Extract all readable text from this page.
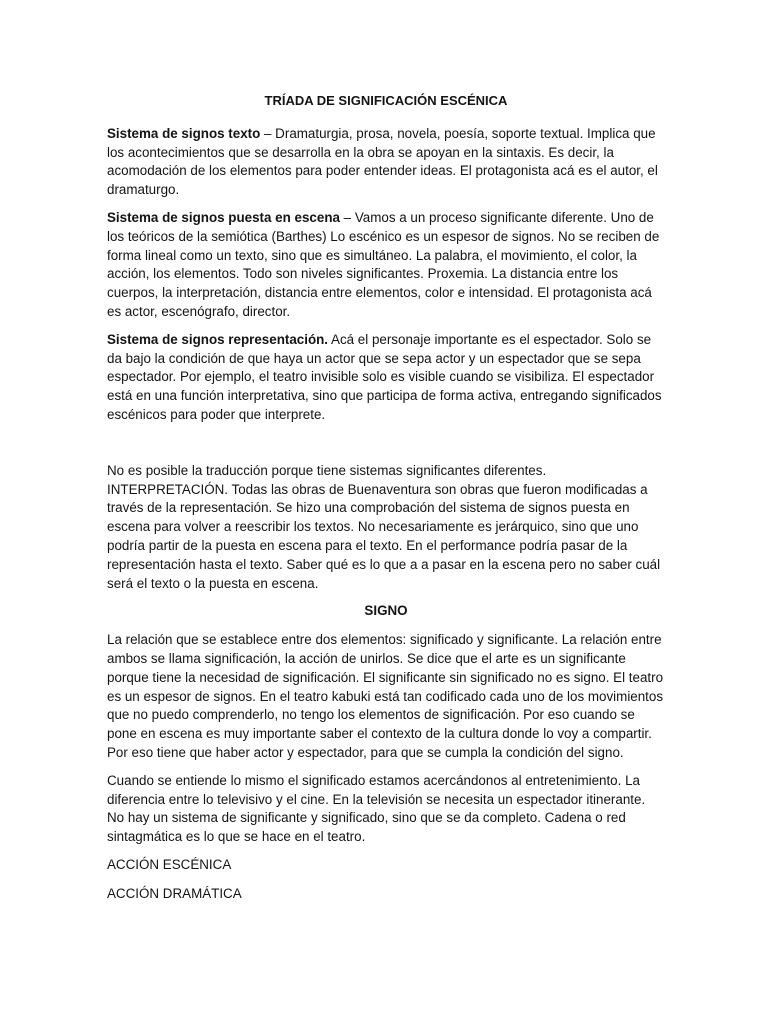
TRÍADA DE SIGNIFICACIÓN ESCÉNICA

Sistema de signos texto – Dramaturgia, prosa, novela, poesía, soporte textual. Implica que los acontecimientos que se desarrolla en la obra se apoyan en la sintaxis. Es decir, la acomodación de los elementos para poder entender ideas. El protagonista acá es el autor, el dramaturgo.

Sistema de signos puesta en escena – Vamos a un proceso significante diferente. Uno de los teóricos de la semiótica (Barthes) Lo escénico es un espesor de signos. No se reciben de forma lineal como un texto, sino que es simultáneo. La palabra, el movimiento, el color, la acción, los elementos. Todo son niveles significantes. Proxemia. La distancia entre los cuerpos, la interpretación, distancia entre elementos, color e intensidad. El protagonista acá es actor, escenógrafo, director.

Sistema de signos representación. Acá el personaje importante es el espectador. Solo se da bajo la condición de que haya un actor que se sepa actor y un espectador que se sepa espectador. Por ejemplo, el teatro invisible solo es visible cuando se visibiliza. El espectador está en una función interpretativa, sino que participa de forma activa, entregando significados escénicos para poder que interprete.

No es posible la traducción porque tiene sistemas significantes diferentes. INTERPRETACIÓN. Todas las obras de Buenaventura son obras que fueron modificadas a través de la representación. Se hizo una comprobación del sistema de signos puesta en escena para volver a reescribir los textos. No necesariamente es jerárquico, sino que uno podría partir de la puesta en escena para el texto. En el performance podría pasar de la representación hasta el texto. Saber qué es lo que a a pasar en la escena pero no saber cuál será el texto o la puesta en escena.

SIGNO

La relación que se establece entre dos elementos: significado y significante. La relación entre ambos se llama significación, la acción de unirlos. Se dice que el arte es un significante porque tiene la necesidad de significación. El significante sin significado no es signo. El teatro es un espesor de signos. En el teatro kabuki está tan codificado cada uno de los movimientos que no puedo comprenderlo, no tengo los elementos de significación. Por eso cuando se pone en escena es muy importante saber el contexto de la cultura donde lo voy a compartir. Por eso tiene que haber actor y espectador, para que se cumpla la condición del signo.

Cuando se entiende lo mismo el significado estamos acercándonos al entretenimiento. La diferencia entre lo televisivo y el cine. En la televisión se necesita un espectador itinerante. No hay un sistema de significante y significado, sino que se da completo. Cadena o red sintagmática es lo que se hace en el teatro.

ACCIÓN ESCÉNICA

ACCIÓN DRAMÁTICA
